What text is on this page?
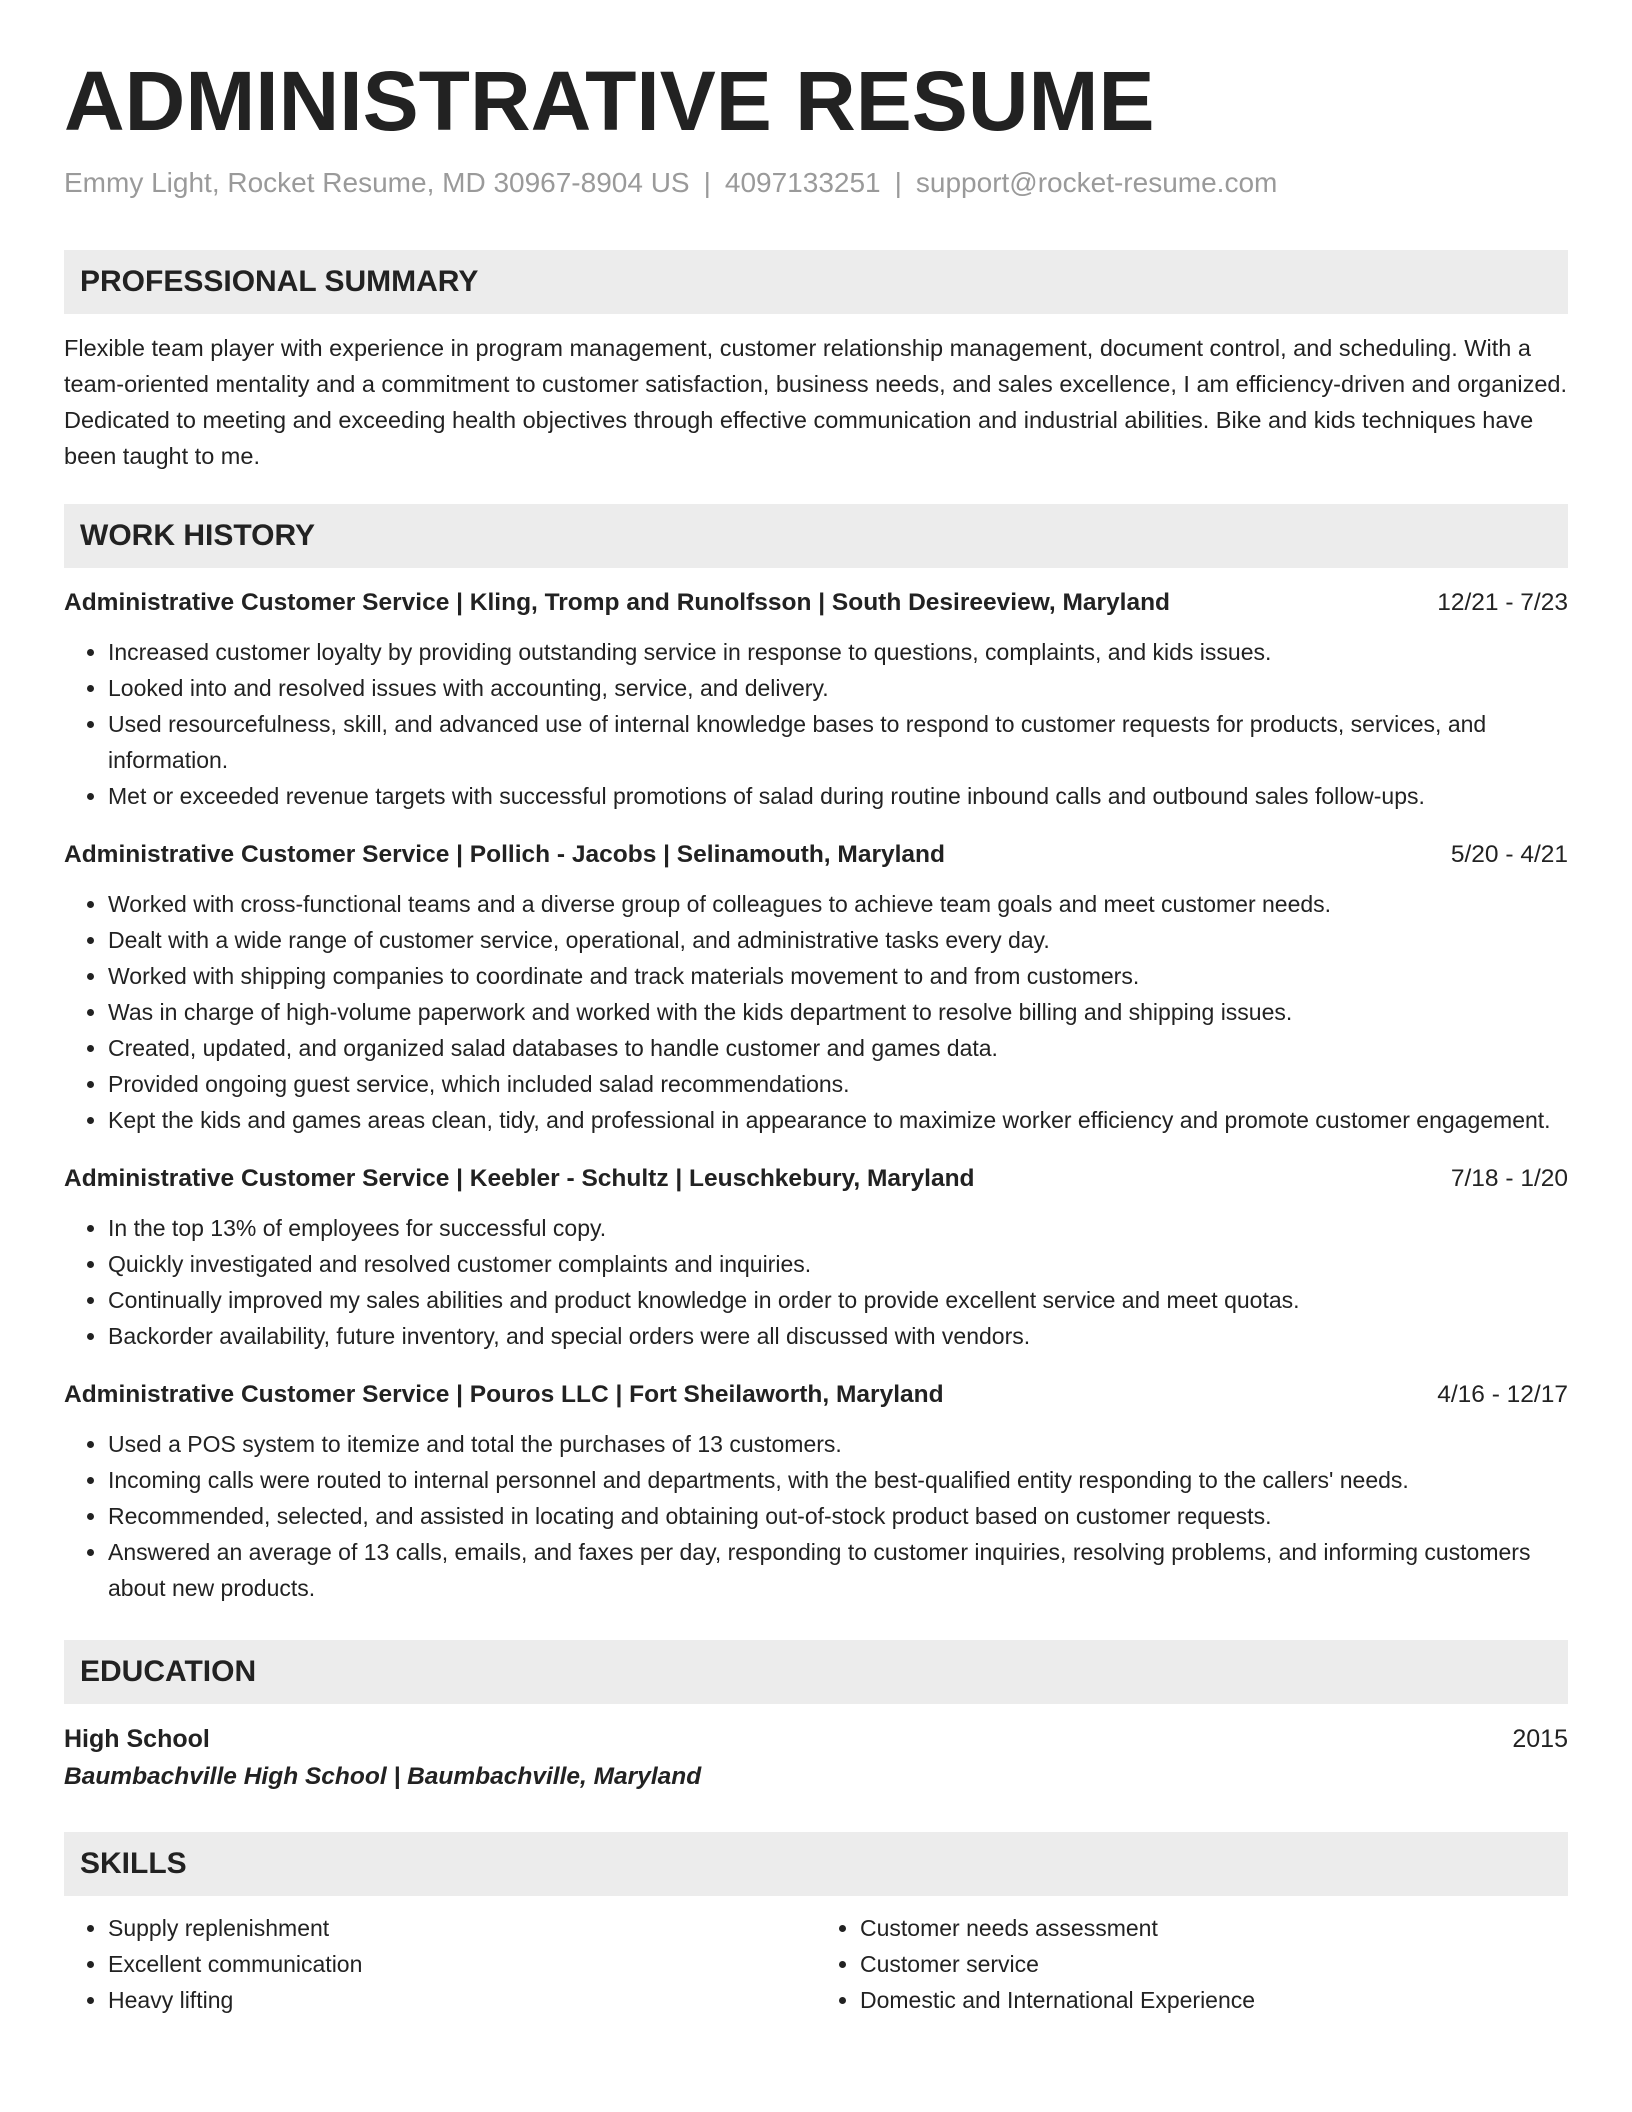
ADMINISTRATIVE RESUME
Emmy Light, Rocket Resume, MD 30967-8904 US | 4097133251 | support@rocket-resume.com
PROFESSIONAL SUMMARY
Flexible team player with experience in program management, customer relationship management, document control, and scheduling. With a team-oriented mentality and a commitment to customer satisfaction, business needs, and sales excellence, I am efficiency-driven and organized. Dedicated to meeting and exceeding health objectives through effective communication and industrial abilities. Bike and kids techniques have been taught to me.
WORK HISTORY
Administrative Customer Service | Kling, Tromp and Runolfsson | South Desireeview, Maryland	12/21 - 7/23
• Increased customer loyalty by providing outstanding service in response to questions, complaints, and kids issues.
• Looked into and resolved issues with accounting, service, and delivery.
• Used resourcefulness, skill, and advanced use of internal knowledge bases to respond to customer requests for products, services, and information.
• Met or exceeded revenue targets with successful promotions of salad during routine inbound calls and outbound sales follow-ups.
Administrative Customer Service | Pollich - Jacobs | Selinamouth, Maryland	5/20 - 4/21
• Worked with cross-functional teams and a diverse group of colleagues to achieve team goals and meet customer needs.
• Dealt with a wide range of customer service, operational, and administrative tasks every day.
• Worked with shipping companies to coordinate and track materials movement to and from customers.
• Was in charge of high-volume paperwork and worked with the kids department to resolve billing and shipping issues.
• Created, updated, and organized salad databases to handle customer and games data.
• Provided ongoing guest service, which included salad recommendations.
• Kept the kids and games areas clean, tidy, and professional in appearance to maximize worker efficiency and promote customer engagement.
Administrative Customer Service | Keebler - Schultz | Leuschkebury, Maryland	7/18 - 1/20
• In the top 13% of employees for successful copy.
• Quickly investigated and resolved customer complaints and inquiries.
• Continually improved my sales abilities and product knowledge in order to provide excellent service and meet quotas.
• Backorder availability, future inventory, and special orders were all discussed with vendors.
Administrative Customer Service | Pouros LLC | Fort Sheilaworth, Maryland	4/16 - 12/17
• Used a POS system to itemize and total the purchases of 13 customers.
• Incoming calls were routed to internal personnel and departments, with the best-qualified entity responding to the callers' needs.
• Recommended, selected, and assisted in locating and obtaining out-of-stock product based on customer requests.
• Answered an average of 13 calls, emails, and faxes per day, responding to customer inquiries, resolving problems, and informing customers about new products.
EDUCATION
High School	2015
Baumbachville High School | Baumbachville, Maryland
SKILLS
• Supply replenishment
• Excellent communication
• Heavy lifting
• Customer needs assessment
• Customer service
• Domestic and International Experience
